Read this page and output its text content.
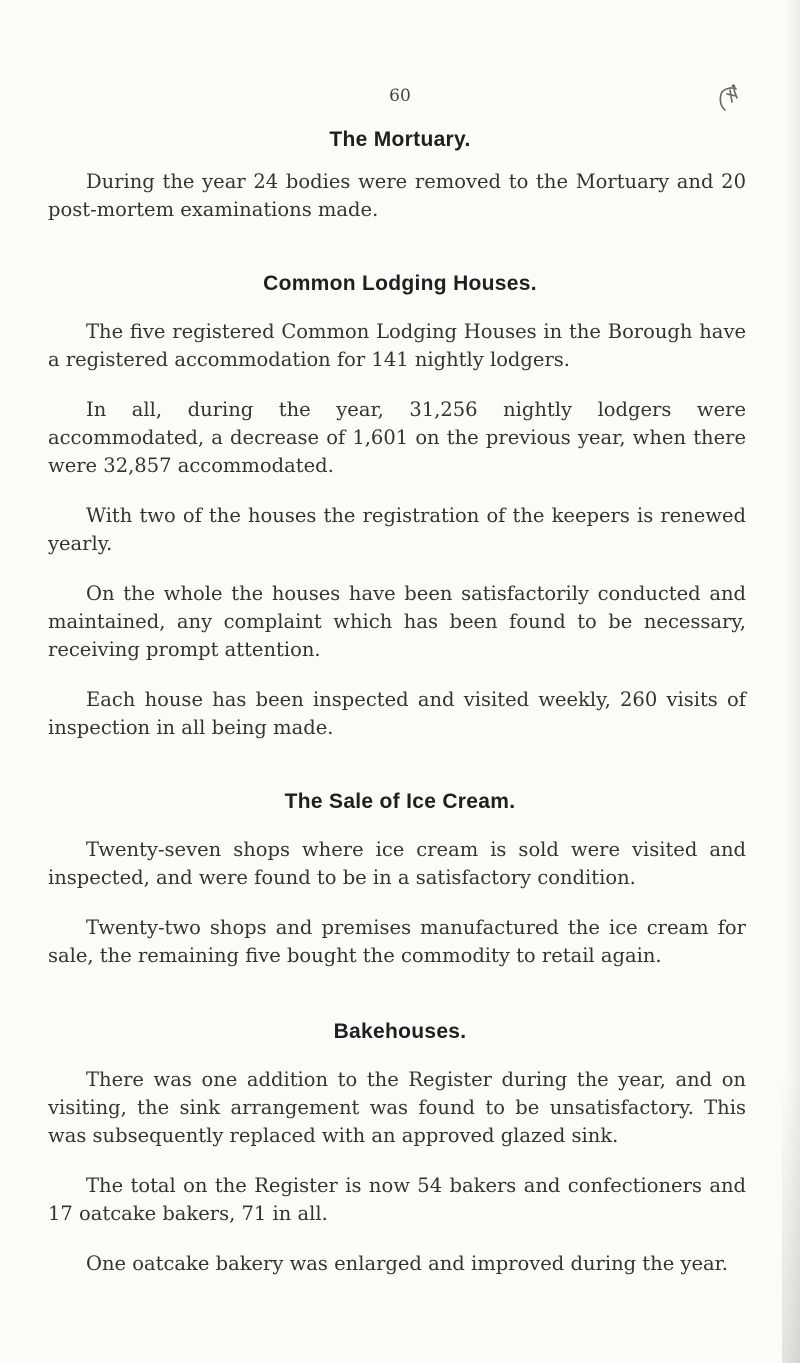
60
The Mortuary.

During the year 24 bodies were removed to the Mortuary and 20 post-mortem examinations made.

Common Lodging Houses.

The five registered Common Lodging Houses in the Borough have a registered accommodation for 141 nightly lodgers.

In all, during the year, 31,256 nightly lodgers were accommodated, a decrease of 1,601 on the previous year, when there were 32,857 accommodated.

With two of the houses the registration of the keepers is renewed yearly.

On the whole the houses have been satisfactorily conducted and maintained, any complaint which has been found to be necessary, receiving prompt attention.

Each house has been inspected and visited weekly, 260 visits of inspection in all being made.

The Sale of Ice Cream.

Twenty-seven shops where ice cream is sold were visited and inspected, and were found to be in a satisfactory condition.

Twenty-two shops and premises manufactured the ice cream for sale, the remaining five bought the commodity to retail again.

Bakehouses.

There was one addition to the Register during the year, and on visiting, the sink arrangement was found to be unsatisfactory. This was subsequently replaced with an approved glazed sink.

The total on the Register is now 54 bakers and confectioners and 17 oatcake bakers, 71 in all.

One oatcake bakery was enlarged and improved during the year.
